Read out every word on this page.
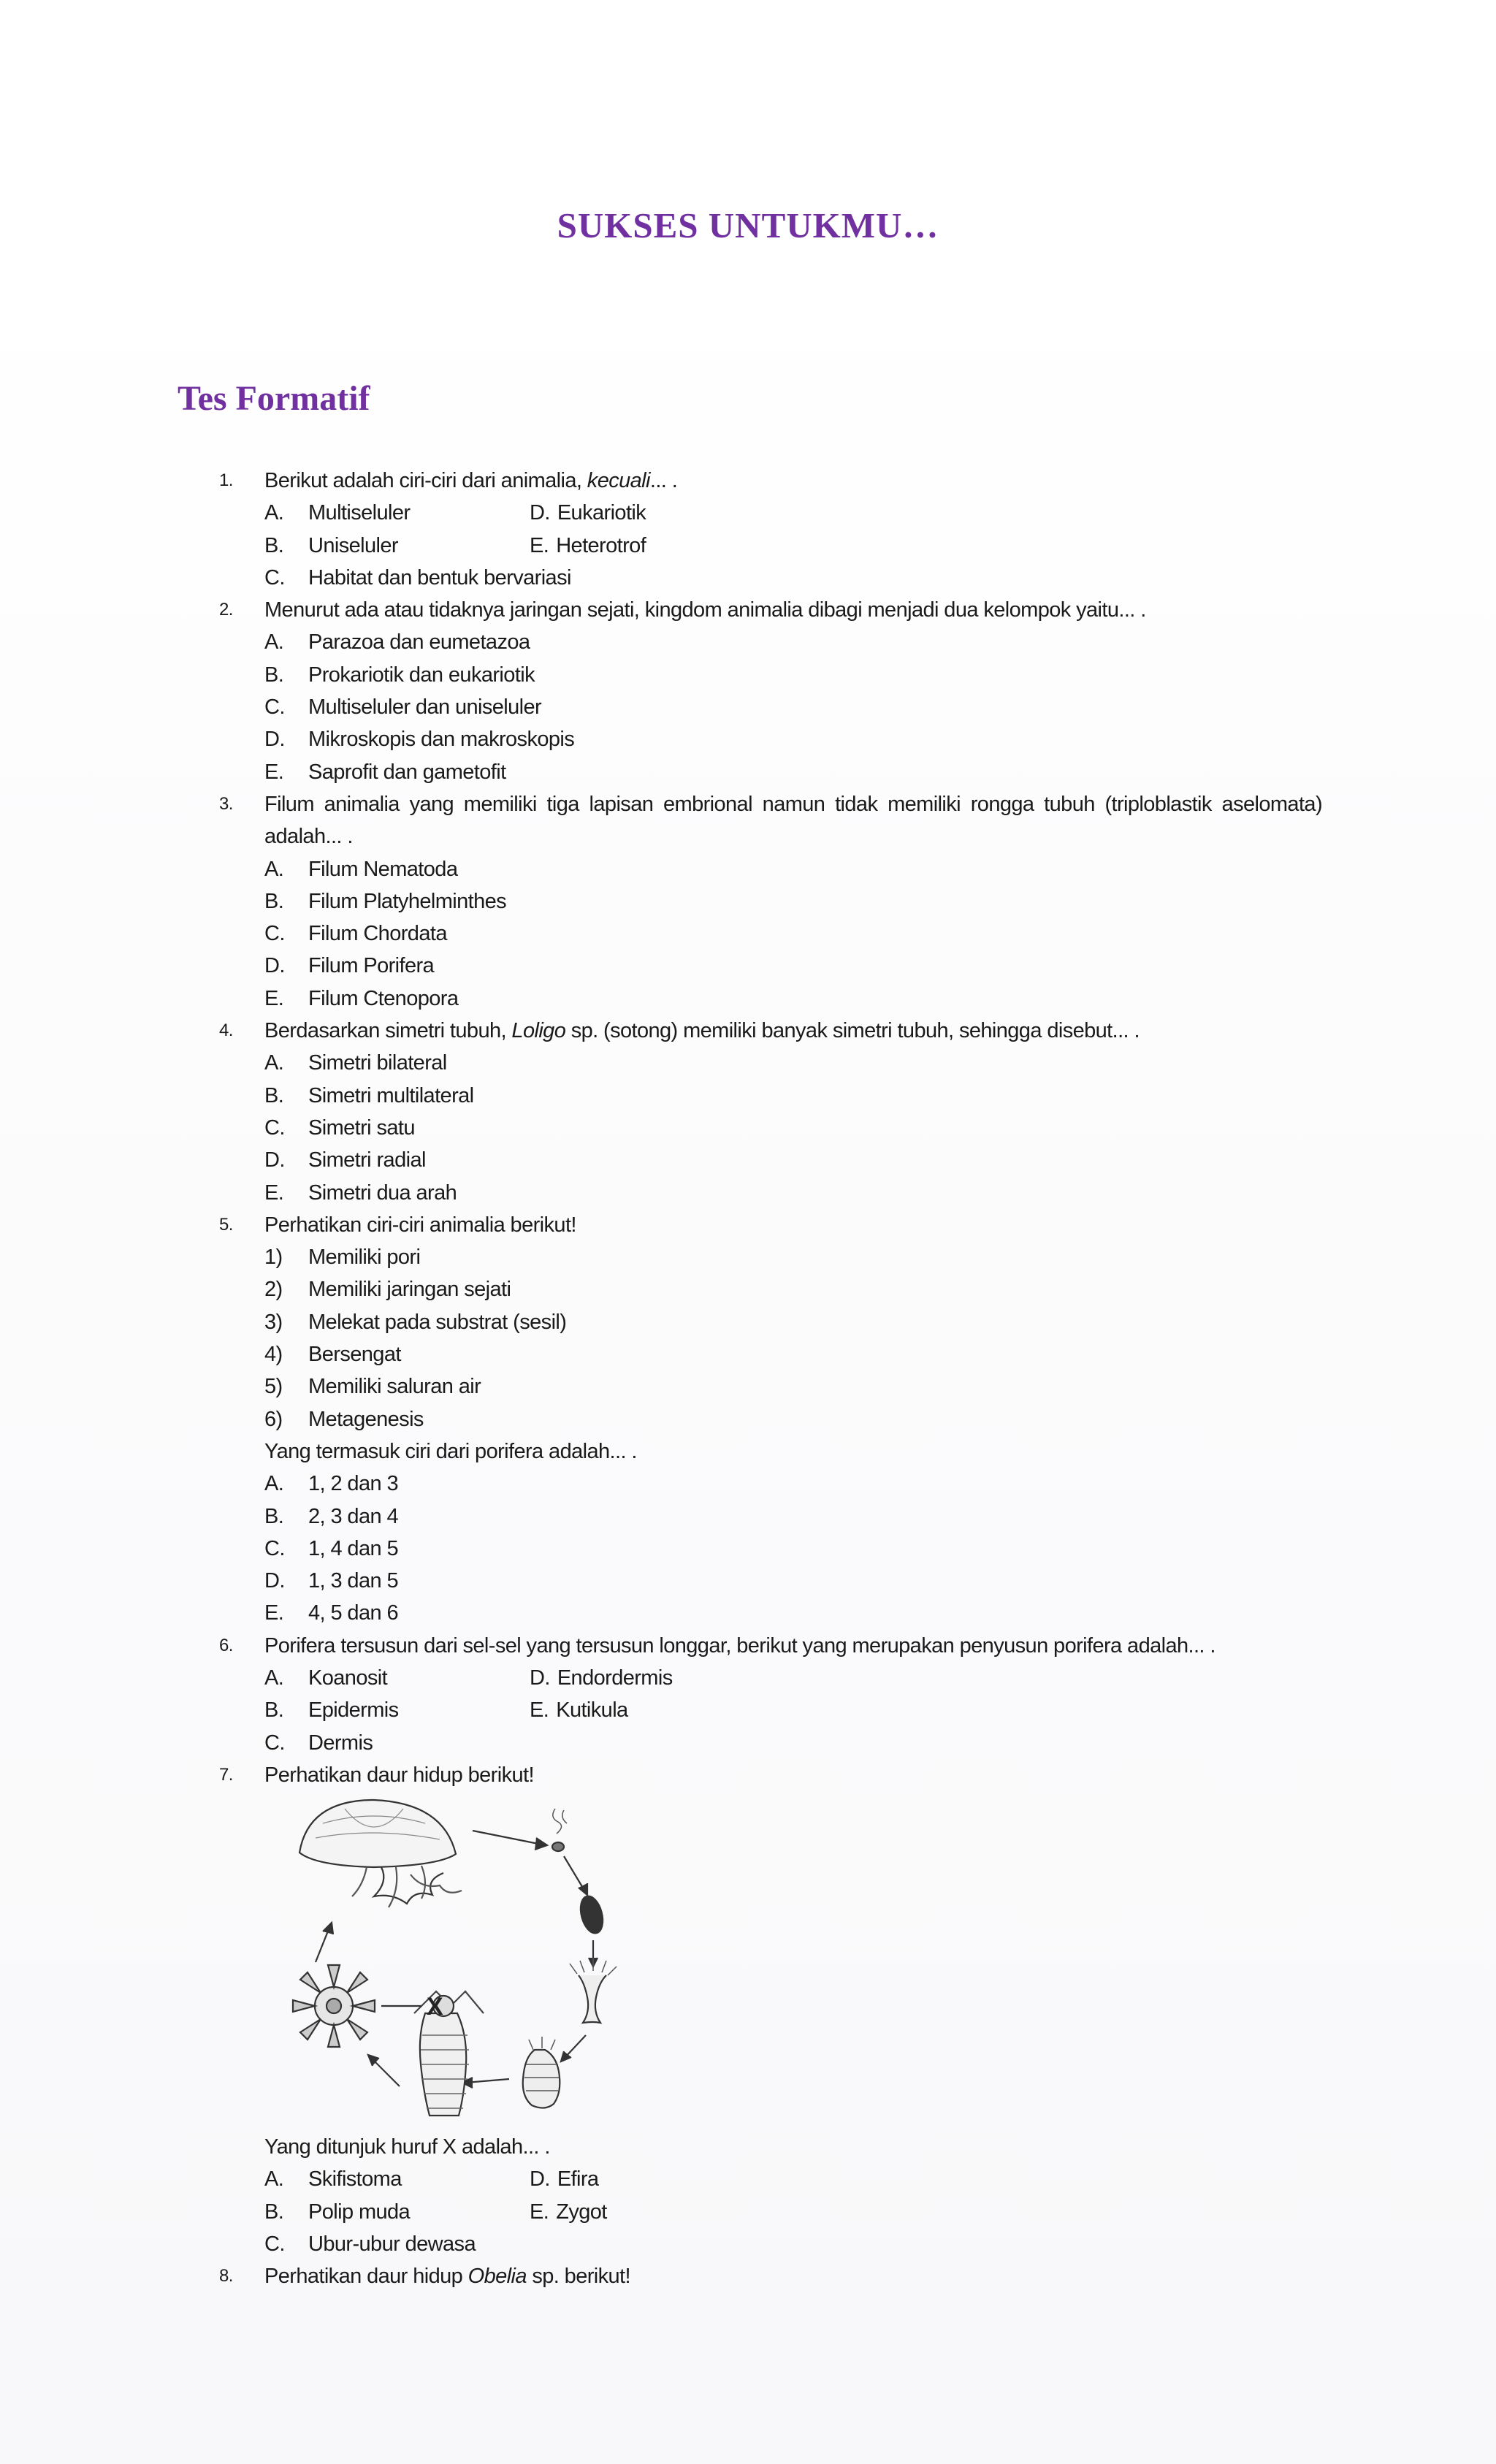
SUKSES UNTUKMU…
Tes Formatif
1. Berikut adalah ciri-ciri dari animalia, kecuali... .
A.	Multiseluler	D. Eukariotik
B.	Uniseluler	E. Heterotrof
C.	Habitat dan bentuk bervariasi
2. Menurut ada atau tidaknya jaringan sejati, kingdom animalia dibagi menjadi dua kelompok yaitu... .
A.	Parazoa dan eumetazoa
B.	Prokariotik dan eukariotik
C.	Multiseluler dan uniseluler
D.	Mikroskopis dan makroskopis
E.	Saprofit dan gametofit
3. Filum animalia yang memiliki tiga lapisan embrional namun tidak memiliki rongga tubuh (triploblastik aselomata) adalah... .
A.	Filum Nematoda
B.	Filum Platyhelminthes
C.	Filum Chordata
D.	Filum Porifera
E.	Filum Ctenopora
4. Berdasarkan simetri tubuh, Loligo sp. (sotong) memiliki banyak simetri tubuh, sehingga disebut... .
A.	Simetri bilateral
B.	Simetri multilateral
C.	Simetri satu
D.	Simetri radial
E.	Simetri dua arah
5. Perhatikan ciri-ciri animalia berikut!
1)	Memiliki pori
2)	Memiliki jaringan sejati
3)	Melekat pada substrat (sesil)
4)	Bersengat
5)	Memiliki saluran air
6)	Metagenesis
Yang termasuk ciri dari porifera adalah... .
A.	1, 2 dan 3
B.	2, 3 dan 4
C.	1, 4 dan 5
D.	1, 3 dan 5
E.	4, 5 dan 6
6. Porifera tersusun dari sel-sel yang tersusun longgar, berikut yang merupakan penyusun porifera adalah... .
A.	Koanosit	D. Endordermis
B.	Epidermis	E. Kutikula
C.	Dermis
7. Perhatikan daur hidup berikut!
X
Yang ditunjuk huruf X adalah... .
A.	Skifistoma	D. Efira
B.	Polip muda	E. Zygot
C.	Ubur-ubur dewasa
8. Perhatikan daur hidup Obelia sp. berikut!
